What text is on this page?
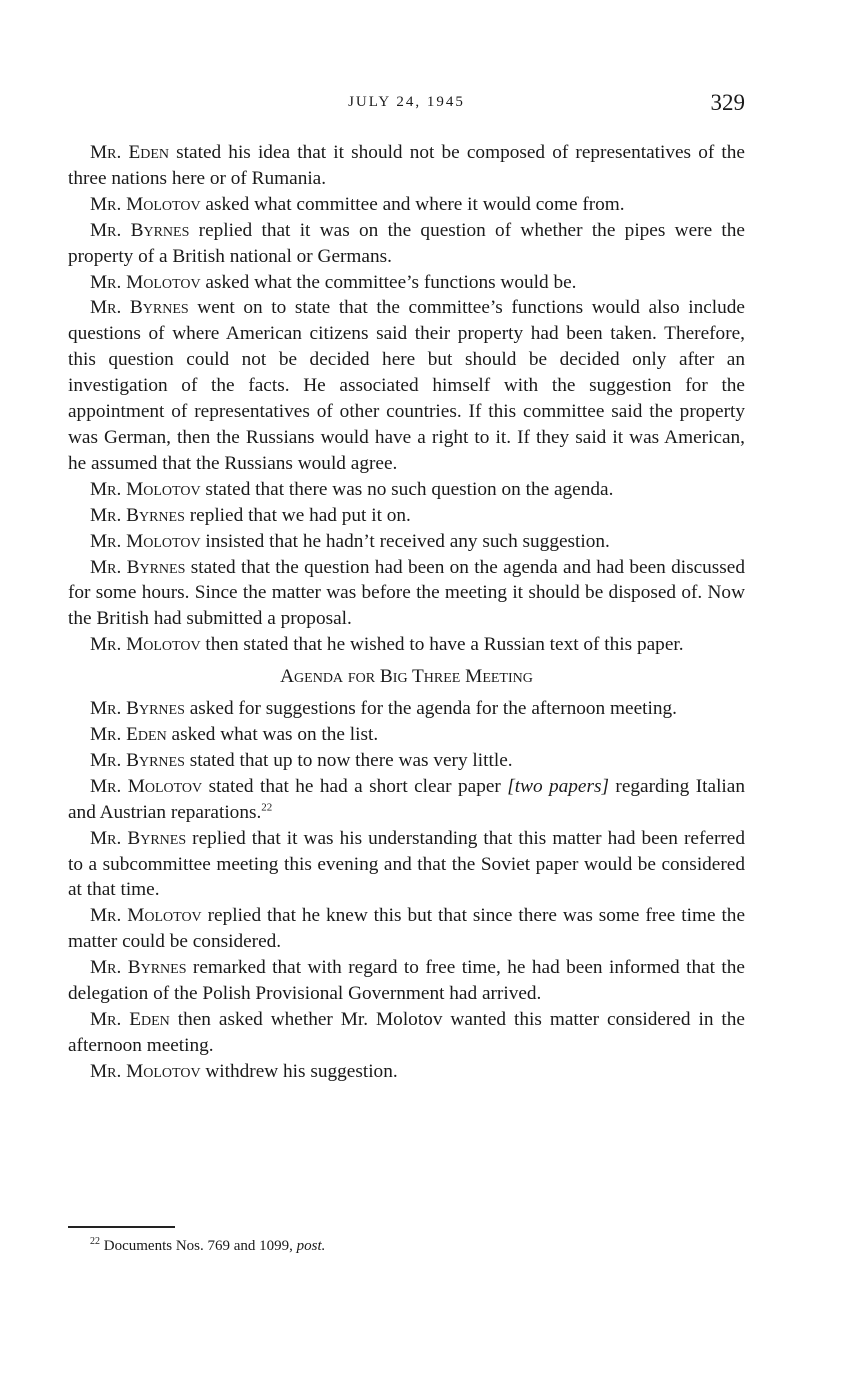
JULY 24, 1945	329

Mr. Eden stated his idea that it should not be composed of representatives of the three nations here or of Rumania.

Mr. Molotov asked what committee and where it would come from.

Mr. Byrnes replied that it was on the question of whether the pipes were the property of a British national or Germans.

Mr. Molotov asked what the committee’s functions would be.

Mr. Byrnes went on to state that the committee’s functions would also include questions of where American citizens said their property had been taken. Therefore, this question could not be decided here but should be decided only after an investigation of the facts. He associated himself with the suggestion for the appointment of representatives of other countries. If this committee said the property was German, then the Russians would have a right to it. If they said it was American, he assumed that the Russians would agree.

Mr. Molotov stated that there was no such question on the agenda.

Mr. Byrnes replied that we had put it on.

Mr. Molotov insisted that he hadn’t received any such suggestion.

Mr. Byrnes stated that the question had been on the agenda and had been discussed for some hours. Since the matter was before the meeting it should be disposed of. Now the British had submitted a proposal.

Mr. Molotov then stated that he wished to have a Russian text of this paper.

Agenda for Big Three Meeting

Mr. Byrnes asked for suggestions for the agenda for the afternoon meeting.

Mr. Eden asked what was on the list.

Mr. Byrnes stated that up to now there was very little.

Mr. Molotov stated that he had a short clear paper [two papers] regarding Italian and Austrian reparations.$^{22}$

Mr. Byrnes replied that it was his understanding that this matter had been referred to a subcommittee meeting this evening and that the Soviet paper would be considered at that time.

Mr. Molotov replied that he knew this but that since there was some free time the matter could be considered.

Mr. Byrnes remarked that with regard to free time, he had been informed that the delegation of the Polish Provisional Government had arrived.

Mr. Eden then asked whether Mr. Molotov wanted this matter considered in the afternoon meeting.

Mr. Molotov withdrew his suggestion.

$^{22}$ Documents Nos. 769 and 1099, post.
